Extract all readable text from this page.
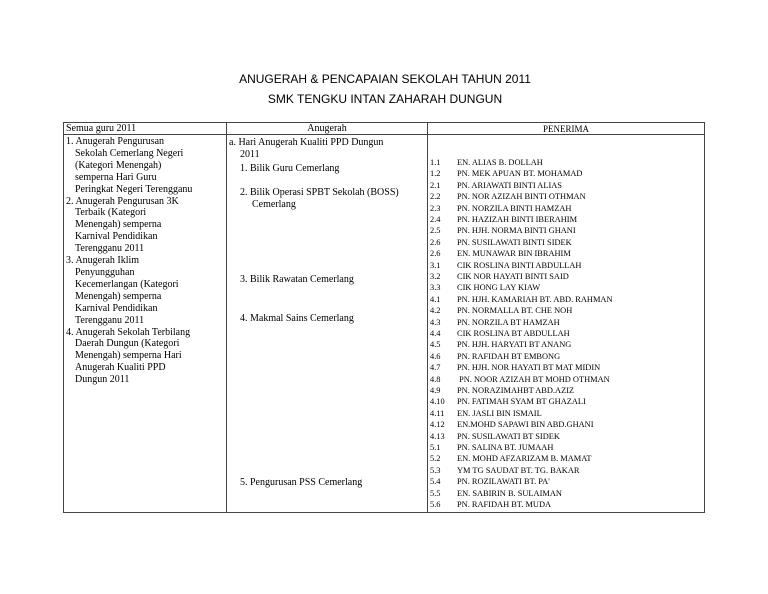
ANUGERAH & PENCAPAIAN SEKOLAH TAHUN 2011
SMK TENGKU INTAN ZAHARAH DUNGUN
Semua guru 2011	Anugerah	PENERIMA
1. Anugerah Pengurusan
Sekolah Cemerlang Negeri
(Kategori Menengah)
semperna Hari Guru
Peringkat Negeri Terengganu
2. Anugerah Pengurusan 3K
Terbaik (Kategori
Menengah) semperna
Karnival Pendidikan
Terengganu 2011
3. Anugerah Iklim
Penyungguhan
Kecemerlangan (Kategori
Menengah) semperna
Karnival Pendidikan
Terengganu 2011
4. Anugerah Sekolah Terbilang
Daerah Dungun (Kategori
Menengah) semperna Hari
Anugerah Kualiti PPD
Dungun 2011
a. Hari Anugerah Kualiti PPD Dungun
2011
1. Bilik Guru Cemerlang
2. Bilik Operasi SPBT Sekolah (BOSS)
Cemerlang
3. Bilik Rawatan Cemerlang
4. Makmal Sains Cemerlang
5. Pengurusan PSS Cemerlang
1.1 EN. ALIAS B. DOLLAH
1.2 PN. MEK APUAN BT. MOHAMAD
2.1 PN. ARIAWATI BINTI ALIAS
2.2 PN. NOR AZIZAH BINTI OTHMAN
2.3 PN. NORZILA BINTI HAMZAH
2.4 PN. HAZIZAH BINTI IBERAHIM
2.5 PN. HJH. NORMA BINTI GHANI
2.6 PN. SUSILAWATI BINTI SIDEK
2.6 EN. MUNAWAR BIN IBRAHIM
3.1 CIK ROSLINA BINTI ABDULLAH
3.2 CIK NOR HAYATI BINTI SAID
3.3 CIK HONG LAY KIAW
4.1 PN. HJH. KAMARIAH BT. ABD. RAHMAN
4.2 PN. NORMALLA BT. CHE NOH
4.3 PN. NORZILA BT HAMZAH
4.4 CIK ROSLINA BT ABDULLAH
4.5 PN. HJH. HARYATI BT ANANG
4.6 PN. RAFIDAH BT EMBONG
4.7 PN. HJH. NOR HAYATI BT MAT MIDIN
4.8 PN. NOOR AZIZAH BT MOHD OTHMAN
4.9 PN. NORAZIMAHBT ABD.AZIZ
4.10 PN. FATIMAH SYAM BT GHAZALI
4.11 EN. JASLI BIN ISMAIL
4.12 EN.MOHD SAPAWI BIN ABD.GHANI
4.13 PN. SUSILAWATI BT SIDEK
5.1 PN. SALINA BT. JUMAAH
5.2 EN. MOHD AFZARIZAM B. MAMAT
5.3 YM TG SAUDAT BT. TG. BAKAR
5.4 PN. ROZILAWATI BT. PA'
5.5 EN. SABIRIN B. SULAIMAN
5.6 PN. RAFIDAH BT. MUDA
